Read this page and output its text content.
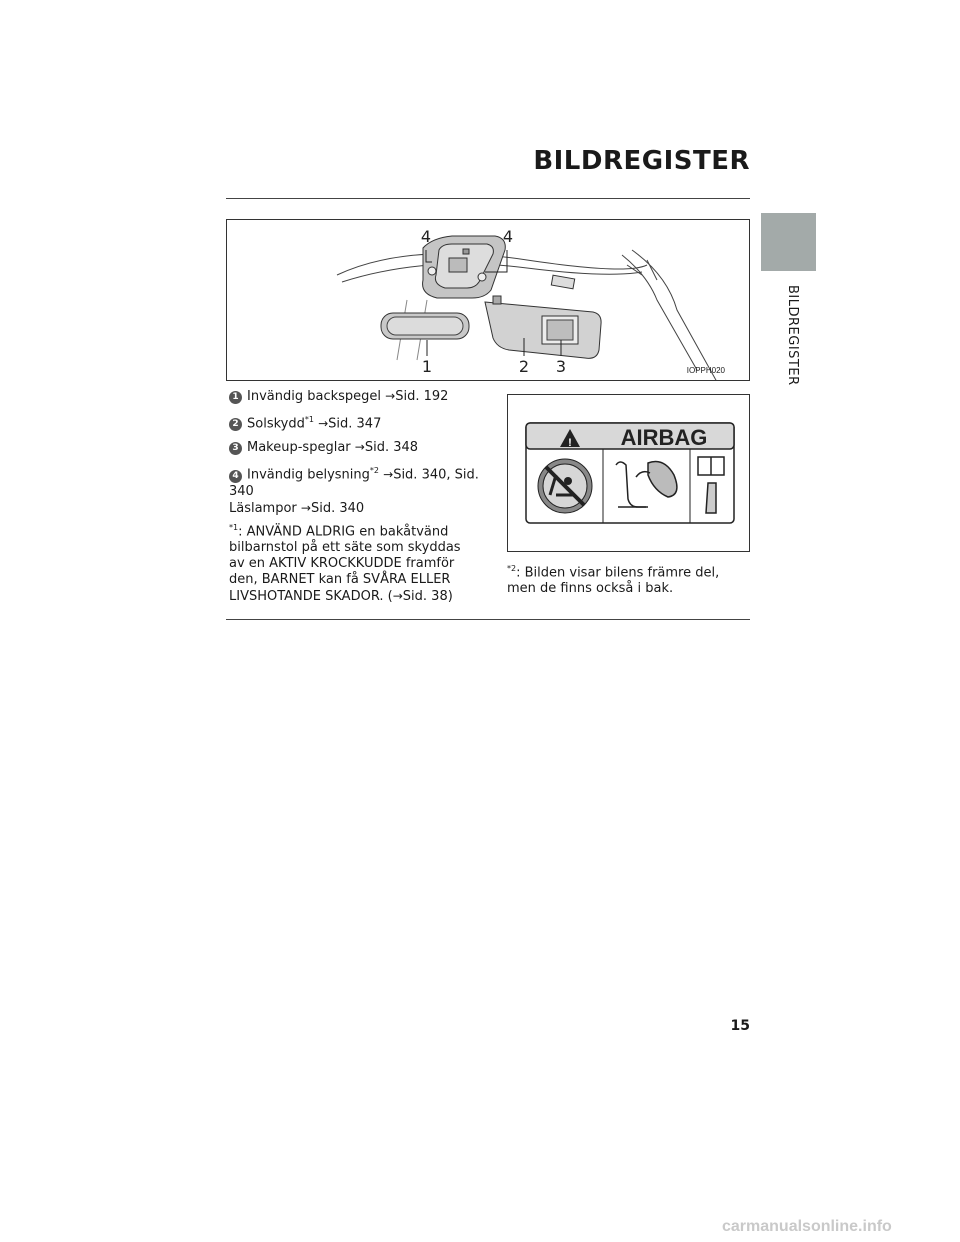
BILDREGISTER
BILDREGISTER
4	4
1	2 3	IOPPH020
1 Invändig backspegel →Sid. 192
2 Solskydd$^{*1}$ →Sid. 347
3 Makeup-speglar →Sid. 348
4 Invändig belysning$^{*2}$ →Sid. 340, Sid. 340
Läslampor →Sid. 340
$^{*1}$: ANVÄND ALDRIG en bakåtvänd bilbarnstol på ett säte som skyddas av en AKTIV KROCKKUDDE framför den, BARNET kan få SVÅRA ELLER LIVSHOTANDE SKADOR. (→Sid. 38)
! AIRBAG
$^{*2}$: Bilden visar bilens främre del, men de finns också i bak.
15
carmanualsonline.info
